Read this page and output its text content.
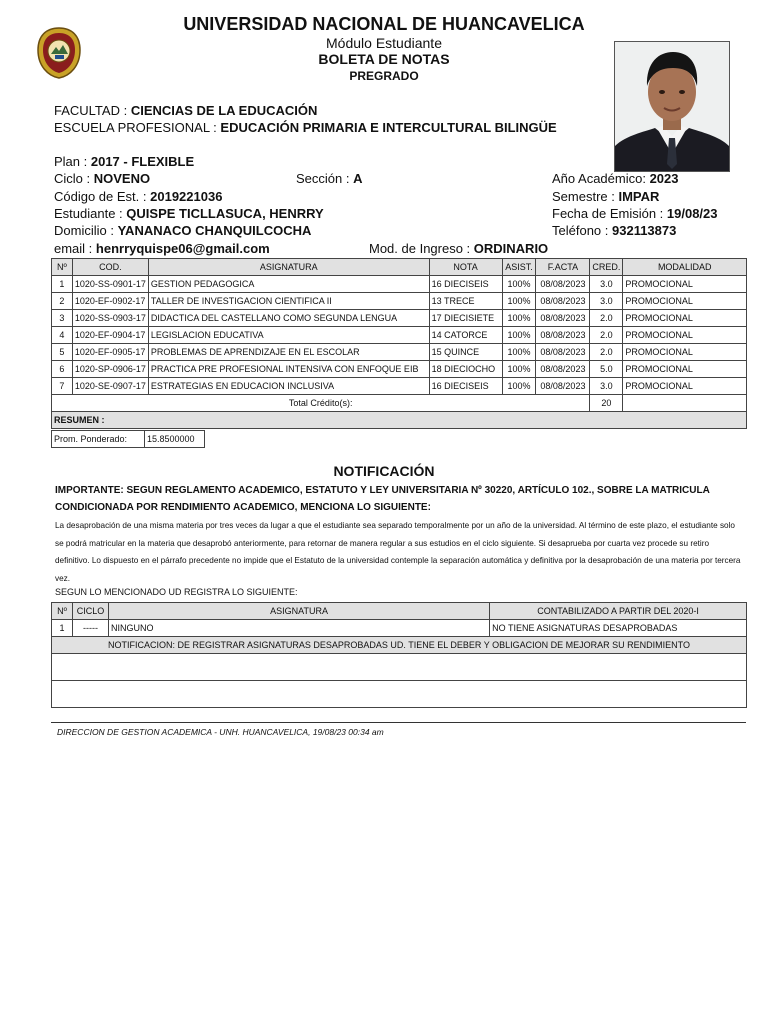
UNIVERSIDAD NACIONAL DE HUANCAVELICA
Módulo Estudiante
BOLETA DE NOTAS
PREGRADO
FACULTAD : CIENCIAS DE LA EDUCACIÓN
ESCUELA PROFESIONAL : EDUCACIÓN PRIMARIA E INTERCULTURAL BILINGÜE
Plan : 2017 - FLEXIBLE
Ciclo : NOVENO	Sección : A	Año Académico: 2023
Código de Est. : 2019221036	Semestre : IMPAR
Estudiante : QUISPE TICLLASUCA, HENRRY	Fecha de Emisión : 19/08/23
Domicilio : YANANACO CHANQUILCOCHA	Teléfono : 932113873
email : henrryquispe06@gmail.com	Mod. de Ingreso : ORDINARIO
Nº	COD.	ASIGNATURA	NOTA	ASIST.	F.ACTA	CRED.	MODALIDAD
1	1020-SS-0901-17	GESTION PEDAGOGICA	16 DIECISEIS	100%	08/08/2023	3.0	PROMOCIONAL
2	1020-EF-0902-17	TALLER DE INVESTIGACION CIENTIFICA II	13 TRECE	100%	08/08/2023	3.0	PROMOCIONAL
3	1020-SS-0903-17	DIDACTICA DEL CASTELLANO COMO SEGUNDA LENGUA	17 DIECISIETE	100%	08/08/2023	2.0	PROMOCIONAL
4	1020-EF-0904-17	LEGISLACION EDUCATIVA	14 CATORCE	100%	08/08/2023	2.0	PROMOCIONAL
5	1020-EF-0905-17	PROBLEMAS DE APRENDIZAJE EN EL ESCOLAR	15 QUINCE	100%	08/08/2023	2.0	PROMOCIONAL
6	1020-SP-0906-17	PRACTICA PRE PROFESIONAL INTENSIVA CON ENFOQUE EIB	18 DIECIOCHO	100%	08/08/2023	5.0	PROMOCIONAL
7	1020-SE-0907-17	ESTRATEGIAS EN EDUCACION INCLUSIVA	16 DIECISEIS	100%	08/08/2023	3.0	PROMOCIONAL
Total Crédito(s):						20	
RESUMEN :							
Prom. Ponderado:	15.8500000
NOTIFICACIÓN
IMPORTANTE: SEGUN REGLAMENTO ACADEMICO, ESTATUTO Y LEY UNIVERSITARIA Nº 30220, ARTÍCULO 102., SOBRE LA MATRICULA CONDICIONADA POR RENDIMIENTO ACADEMICO, MENCIONA LO SIGUIENTE:
La desaprobación de una misma materia por tres veces da lugar a que el estudiante sea separado temporalmente por un año de la universidad. Al término de este plazo, el estudiante solo se podrá matricular en la materia que desaprobó anteriormente, para retornar de manera regular a sus estudios en el ciclo siguiente. Si desaprueba por cuarta vez procede su retiro definitivo. Lo dispuesto en el párrafo precedente no impide que el Estatuto de la universidad contemple la separación automática y definitiva por la desaprobación de una materia por tercera vez.
SEGUN LO MENCIONADO UD REGISTRA LO SIGUIENTE:
Nº	CICLO	ASIGNATURA	CONTABILIZADO A PARTIR DEL 2020-I
1	-----	NINGUNO	NO TIENE ASIGNATURAS DESAPROBADAS
NOTIFICACION: DE REGISTRAR ASIGNATURAS DESAPROBADAS UD. TIENE EL DEBER Y OBLIGACION DE MEJORAR SU RENDIMIENTO			

DIRECCION DE GESTION ACADEMICA - UNH. HUANCAVELICA, 19/08/23 00:34 am
